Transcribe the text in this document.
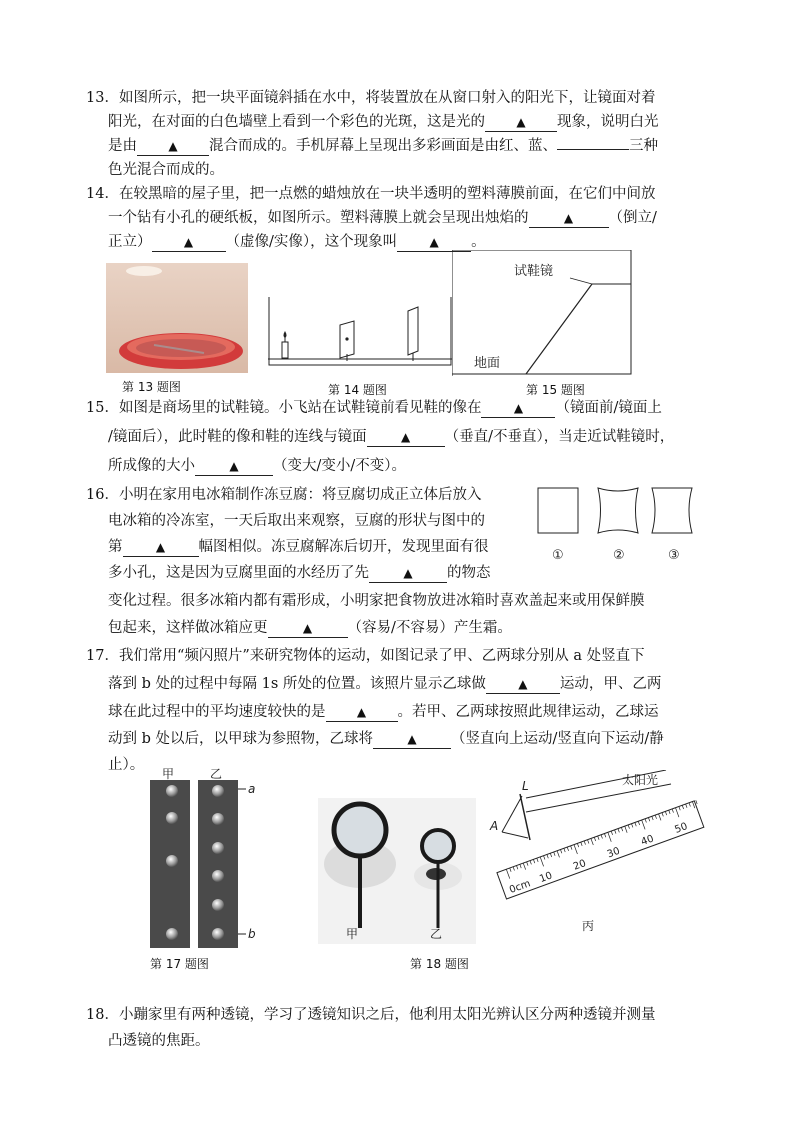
13．如图所示，把一块平面镜斜插在水中，将装置放在从窗口射入的阳光下，让镜面对着
阳光，在对面的白色墙壁上看到一个彩色的光斑，这是光的	▲ 现象，说明白光
是由	▲ 混合而成的。手机屏幕上呈现出多彩画面是由红、蓝、	三种
色光混合而成的。
14．在较黑暗的屋子里，把一点燃的蜡烛放在一块半透明的塑料薄膜前面，在它们中间放
一个钻有小孔的硬纸板，如图所示。塑料薄膜上就会呈现出烛焰的	▲ （倒立/
正立）	▲ （虚像/实像），这个现象叫	▲ 。
第 13 题图	第 14 题图
试鞋镜
地面
第 15 题图
15．如图是商场里的试鞋镜。小飞站在试鞋镜前看见鞋的像在	▲ （镜面前/镜面上
/镜面后），此时鞋的像和鞋的连线与镜面	▲ （垂直/不垂直），当走近试鞋镜时，
所成像的大小	▲ （变大/变小/不变）。
16．小明在家用电冰箱制作冻豆腐：将豆腐切成正立体后放入
电冰箱的冷冻室，一天后取出来观察，豆腐的形状与图中的
第	▲ 幅图相似。冻豆腐解冻后切开，发现里面有很
多小孔，这是因为豆腐里面的水经历了先	▲ 的物态
变化过程。很多冰箱内都有霜形成，小明家把食物放进冰箱时喜欢盖起来或用保鲜膜
包起来，这样做冰箱应更	▲ （容易/不容易）产生霜。
①	②	③
17．我们常用“频闪照片”来研究物体的运动，如图记录了甲、乙两球分别从 a 处竖直下
落到 b 处的过程中每隔 1s 所处的位置。该照片显示乙球做	▲ 运动，甲、乙两
球在此过程中的平均速度较快的是	▲ 。若甲、乙两球按照此规律运动，乙球运
动到 b 处以后，以甲球为参照物，乙球将	▲ （竖直向上运动/竖直向下运动/静
止）。
甲	乙
a
b
第 17 题图
甲	乙
第 18 题图
0cm
10
20
30
40
50
L
A
太阳光
丙
18．小蹦家里有两种透镜，学习了透镜知识之后，他利用太阳光辨认区分两种透镜并测量
凸透镜的焦距。
